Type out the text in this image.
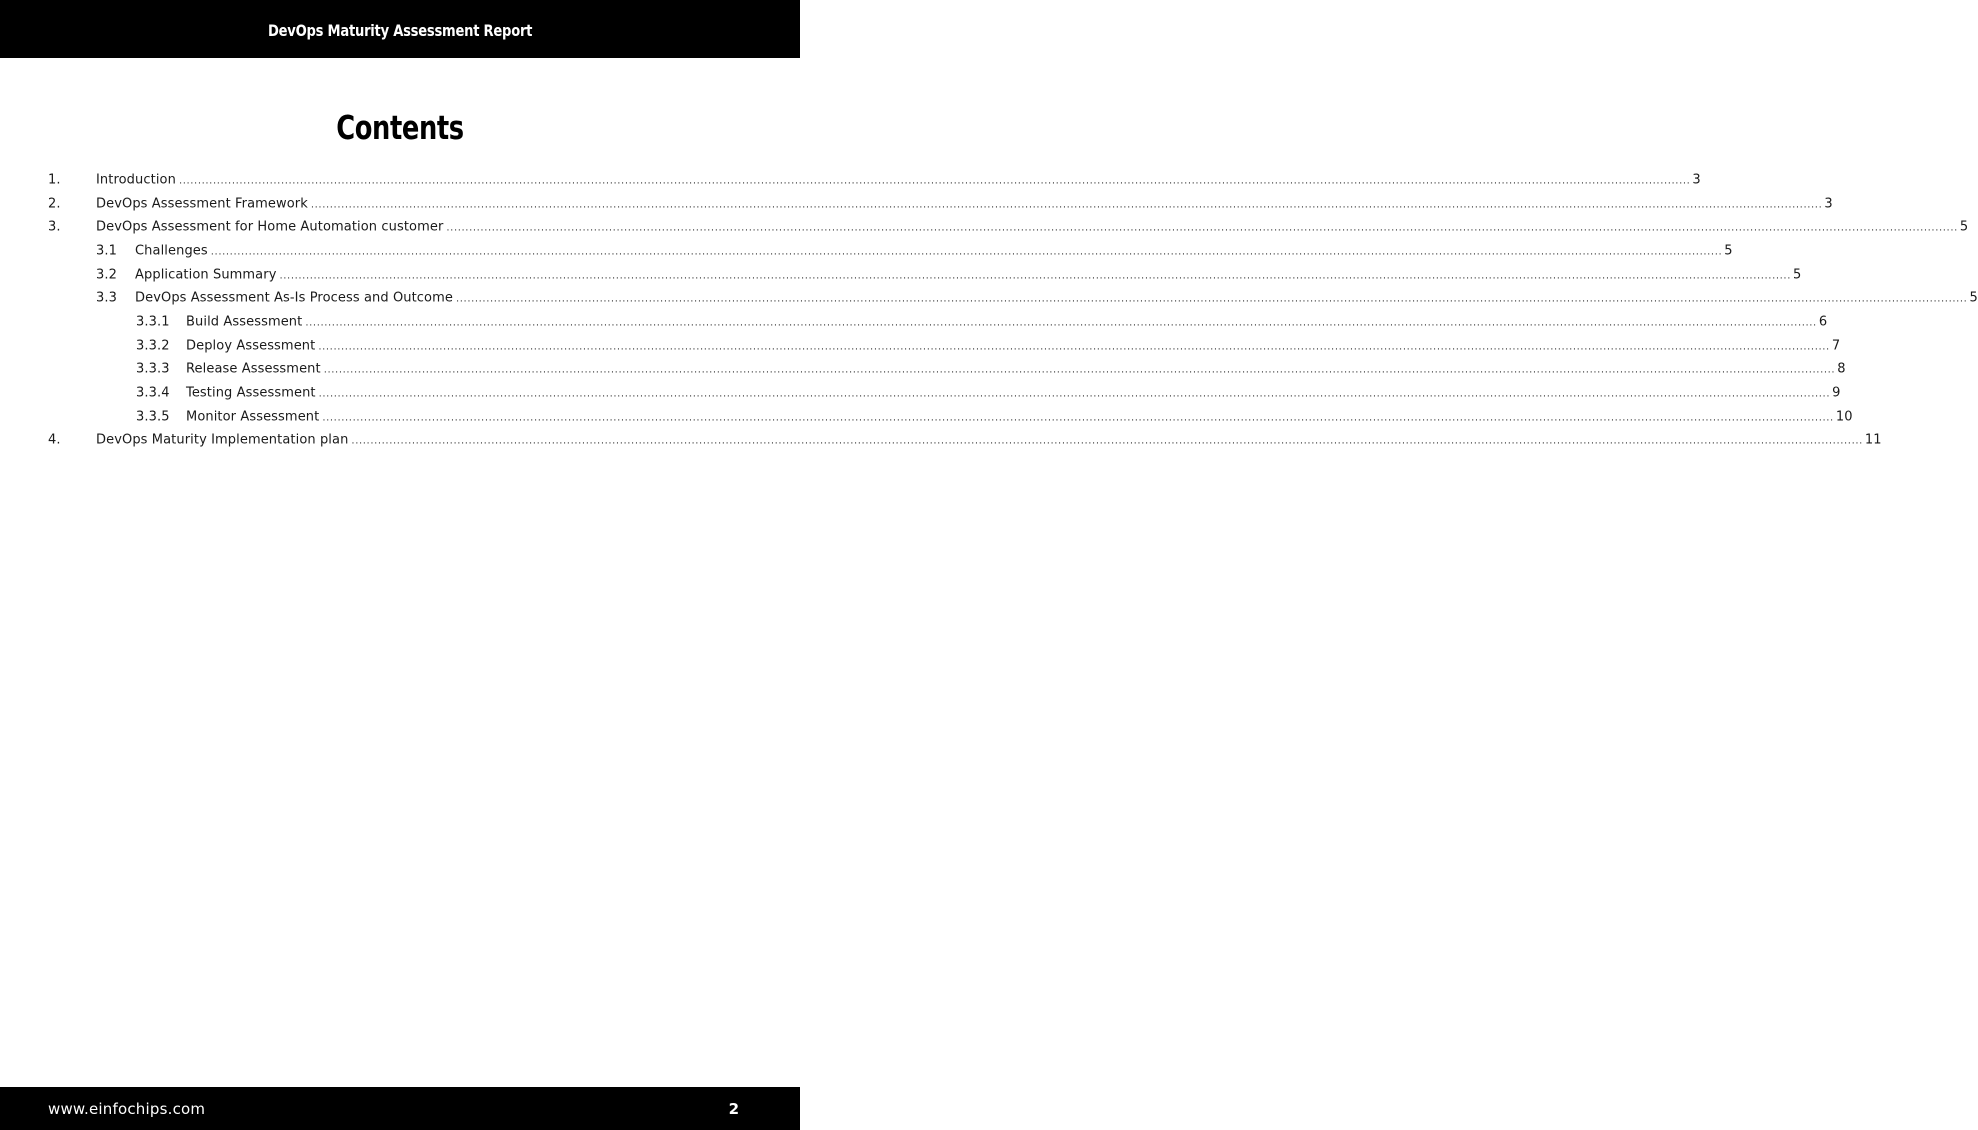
DevOps Maturity Assessment Report
Contents
1.	Introduction ................................................................................................................................................................................................................................................................................................................................................................................................................ 3
2.	DevOps Assessment Framework ................................................................................................................................................................................................................................................................................................................................................................................................................ 3
3.	DevOps Assessment for Home Automation customer ................................................................................................................................................................................................................................................................................................................................................................................................................ 5
3.1 Challenges ................................................................................................................................................................................................................................................................................................................................................................................................................ 5
3.2 Application Summary ................................................................................................................................................................................................................................................................................................................................................................................................................ 5
3.3 DevOps Assessment As-Is Process and Outcome ................................................................................................................................................................................................................................................................................................................................................................................................................ 5
3.3.1 Build Assessment ................................................................................................................................................................................................................................................................................................................................................................................................................ 6
3.3.2 Deploy Assessment ................................................................................................................................................................................................................................................................................................................................................................................................................ 7
3.3.3 Release Assessment ................................................................................................................................................................................................................................................................................................................................................................................................................ 8
3.3.4 Testing Assessment ................................................................................................................................................................................................................................................................................................................................................................................................................ 9
3.3.5 Monitor Assessment ................................................................................................................................................................................................................................................................................................................................................................................................................ 10
4.	DevOps Maturity Implementation plan ................................................................................................................................................................................................................................................................................................................................................................................................................ 11
www.einfochips.com	2
